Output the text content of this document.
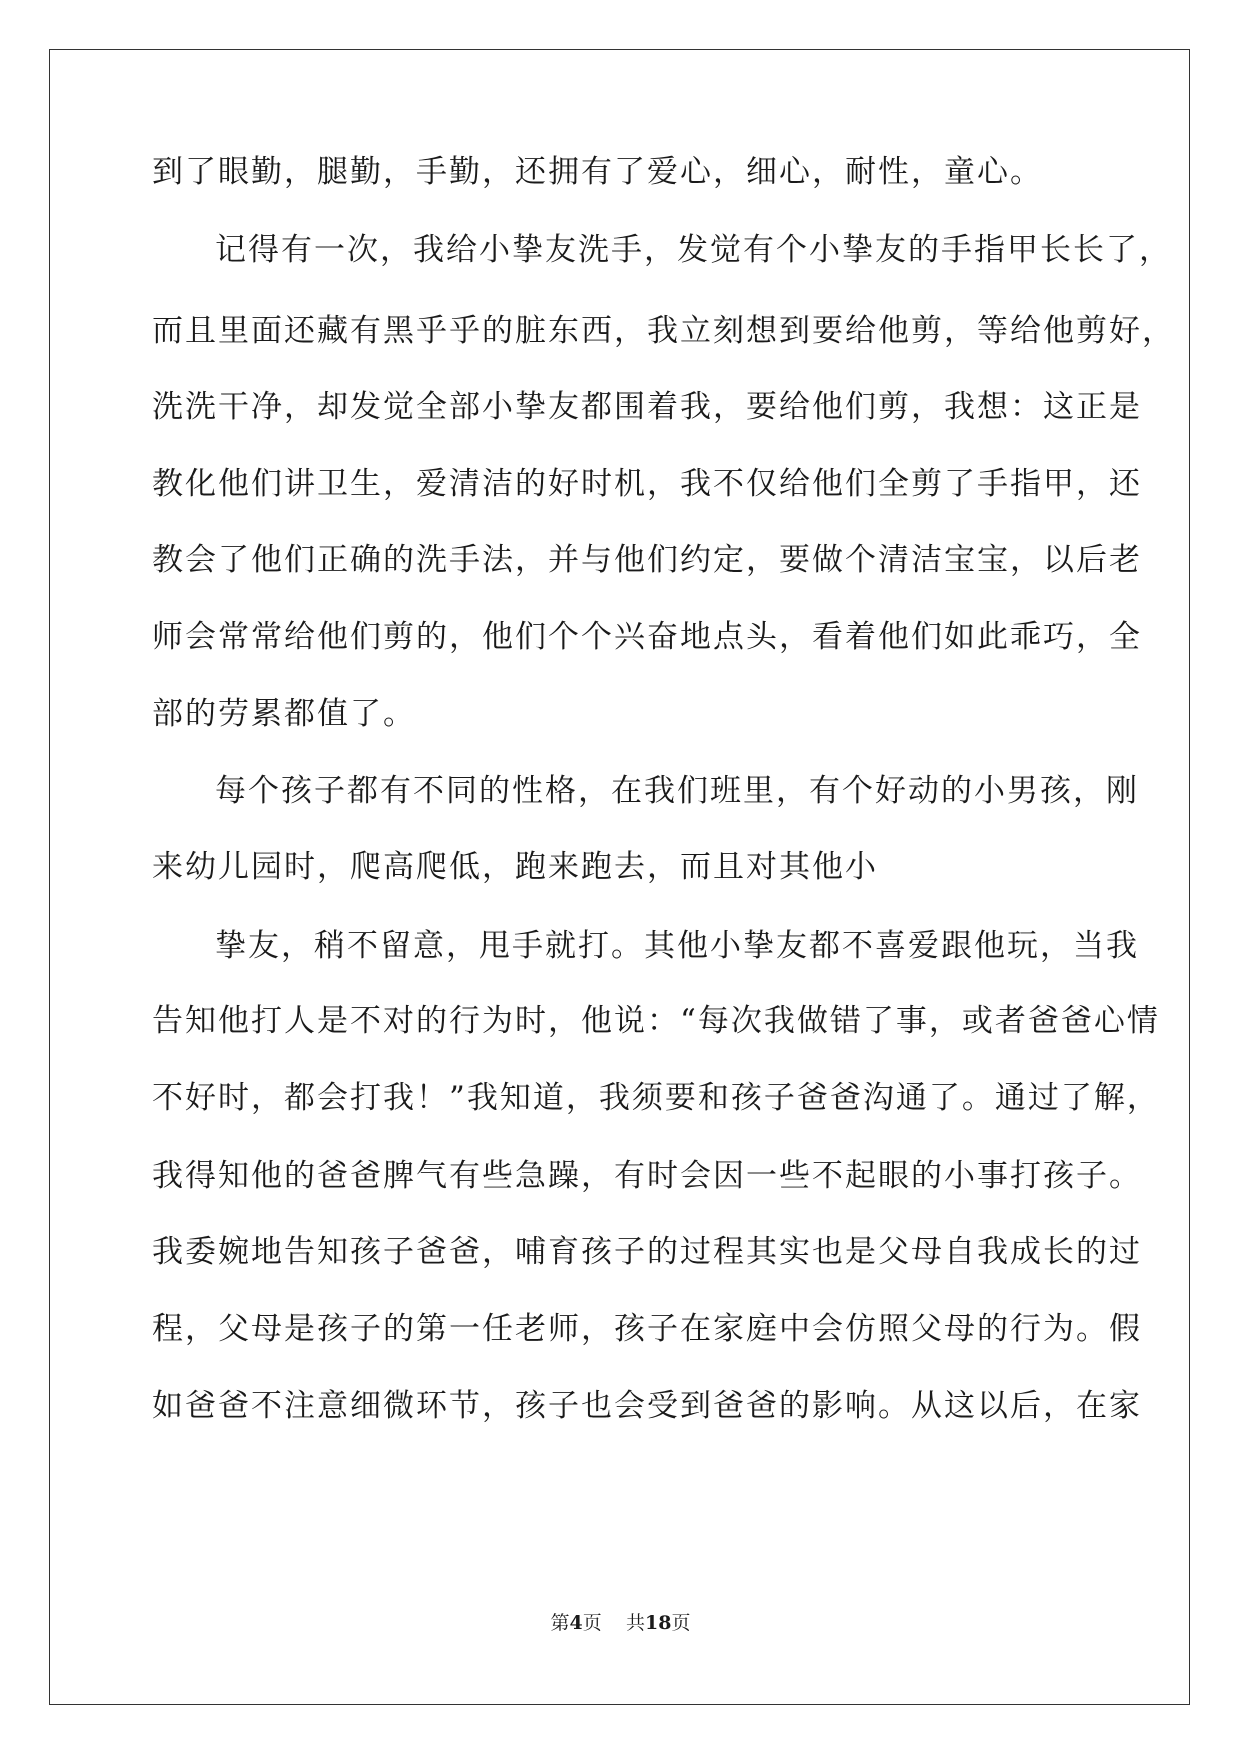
到了眼勤，腿勤，手勤，还拥有了爱心，细心，耐性，童心。
记得有一次，我给小挚友洗手，发觉有个小挚友的手指甲长长了，
而且里面还藏有黑乎乎的脏东西，我立刻想到要给他剪，等给他剪好，
洗洗干净，却发觉全部小挚友都围着我，要给他们剪，我想：这正是
教化他们讲卫生，爱清洁的好时机，我不仅给他们全剪了手指甲，还
教会了他们正确的洗手法，并与他们约定，要做个清洁宝宝，以后老
师会常常给他们剪的，他们个个兴奋地点头，看着他们如此乖巧，全
部的劳累都值了。
每个孩子都有不同的性格，在我们班里，有个好动的小男孩，刚
来幼儿园时，爬高爬低，跑来跑去，而且对其他小
挚友，稍不留意，甩手就打。其他小挚友都不喜爱跟他玩，当我
告知他打人是不对的行为时，他说：“每次我做错了事，或者爸爸心情
不好时，都会打我！”我知道，我须要和孩子爸爸沟通了。通过了解，
我得知他的爸爸脾气有些急躁，有时会因一些不起眼的小事打孩子。
我委婉地告知孩子爸爸，哺育孩子的过程其实也是父母自我成长的过
程，父母是孩子的第一任老师，孩子在家庭中会仿照父母的行为。假
如爸爸不注意细微环节，孩子也会受到爸爸的影响。从这以后，在家
第4页 共18页
